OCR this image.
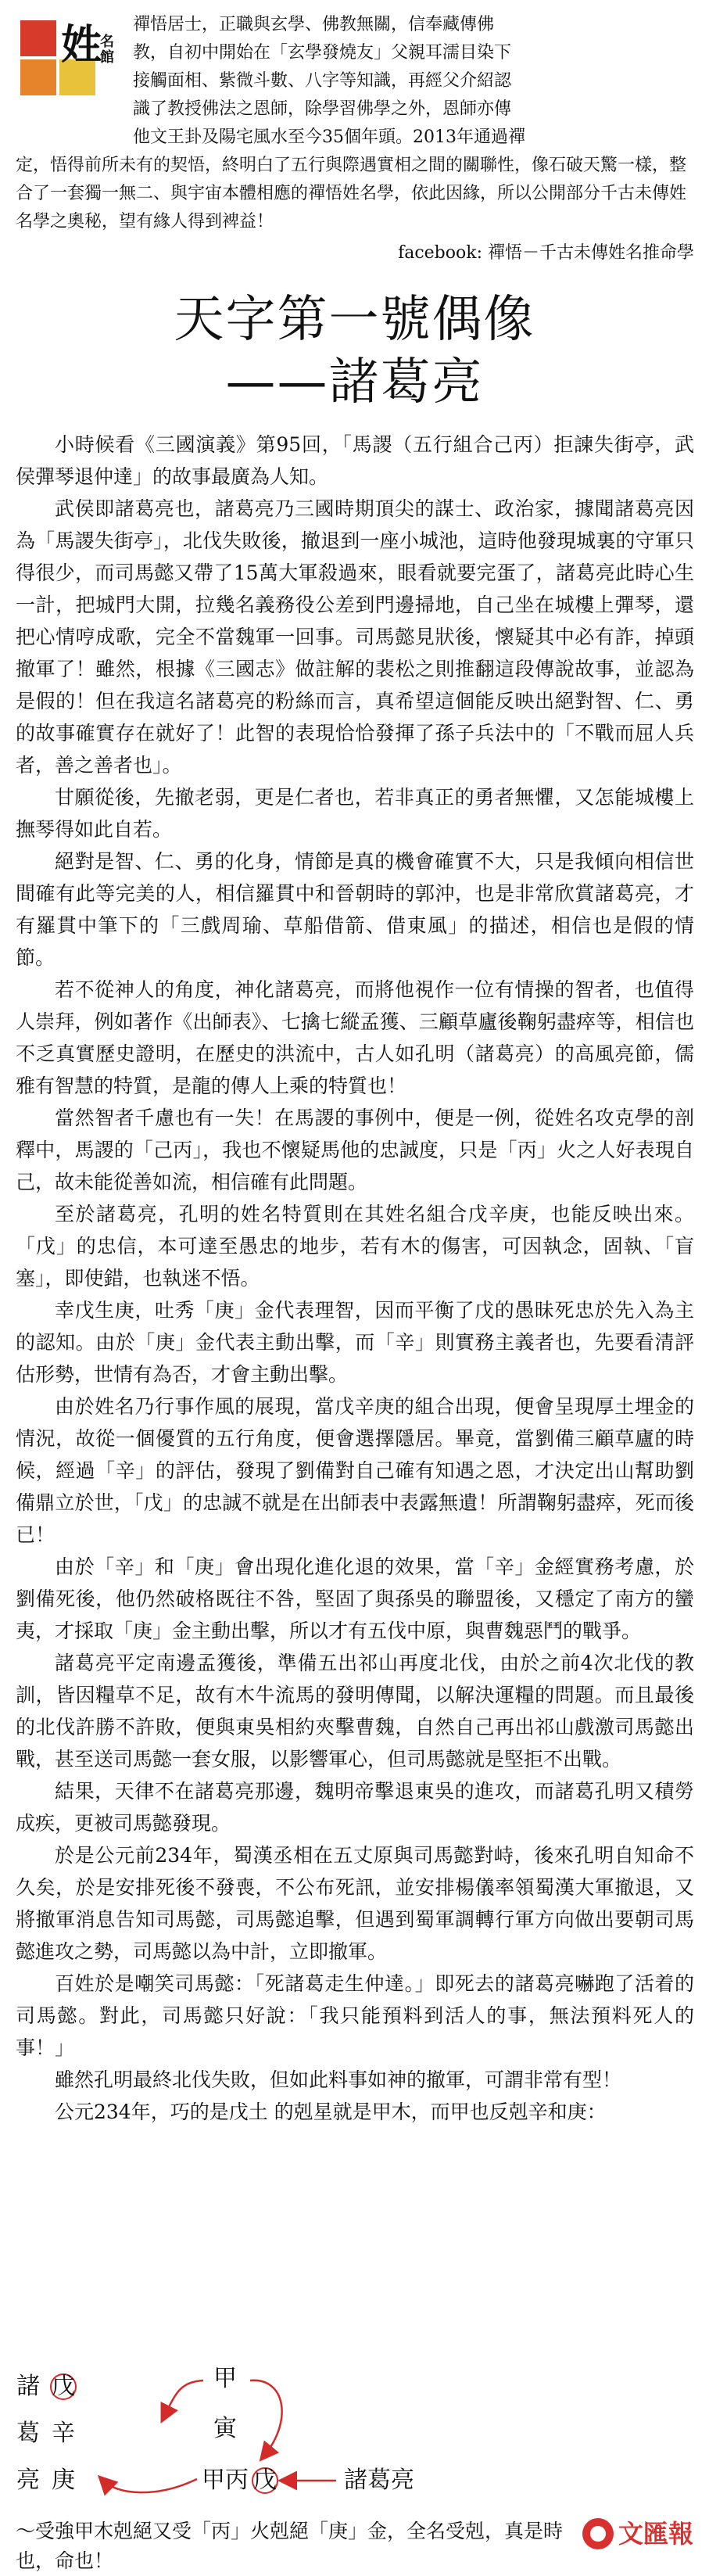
姓
名館
禪悟居士，正職與玄學、佛教無關，信奉藏傳佛
教，自初中開始在「玄學發燒友」父親耳濡目染下
接觸面相、紫微斗數、八字等知識，再經父介紹認
識了教授佛法之恩師，除學習佛學之外，恩師亦傳
他文王卦及陽宅風水至今35個年頭。2013年通過禪
定，悟得前所未有的契悟，終明白了五行與際遇實相之間的關聯性，像石破天驚一樣，整合了一套獨一無二、與宇宙本體相應的禪悟姓名學，依此因緣，所以公開部分千古未傳姓名學之奧秘，望有緣人得到裨益！
facebook: 禪悟－千古未傳姓名推命學
天字第一號偶像
——諸葛亮

小時候看《三國演義》第95回，「馬謖（五行組合己丙）拒諫失街亭，武侯彈琴退仲達」的故事最廣為人知。

武侯即諸葛亮也，諸葛亮乃三國時期頂尖的謀士、政治家，據聞諸葛亮因為「馬謖失街亭」，北伐失敗後，撤退到一座小城池，這時他發現城裏的守軍只得很少，而司馬懿又帶了15萬大軍殺過來，眼看就要完蛋了，諸葛亮此時心生一計，把城門大開，拉幾名義務役公差到門邊掃地，自己坐在城樓上彈琴，還把心情哼成歌，完全不當魏軍一回事。司馬懿見狀後，懷疑其中必有詐，掉頭撤軍了！雖然，根據《三國志》做註解的裴松之則推翻這段傳說故事，並認為是假的！但在我這名諸葛亮的粉絲而言，真希望這個能反映出絕對智、仁、勇的故事確實存在就好了！此智的表現恰恰發揮了孫子兵法中的「不戰而屈人兵者，善之善者也」。

甘願從後，先撤老弱，更是仁者也，若非真正的勇者無懼，又怎能城樓上撫琴得如此自若。

絕對是智、仁、勇的化身，情節是真的機會確實不大，只是我傾向相信世間確有此等完美的人，相信羅貫中和晉朝時的郭沖，也是非常欣賞諸葛亮，才有羅貫中筆下的「三戲周瑜、草船借箭、借東風」的描述，相信也是假的情節。

若不從神人的角度，神化諸葛亮，而將他視作一位有情操的智者，也值得人崇拜，例如著作《出師表》、七擒七縱孟獲、三顧草廬後鞠躬盡瘁等，相信也不乏真實歷史證明，在歷史的洪流中，古人如孔明（諸葛亮）的高風亮節，儒雅有智慧的特質，是龍的傳人上乘的特質也！

當然智者千慮也有一失！在馬謖的事例中，便是一例，從姓名攻克學的剖釋中，馬謖的「己丙」，我也不懷疑馬他的忠誠度，只是「丙」火之人好表現自己，故未能從善如流，相信確有此問題。

至於諸葛亮，孔明的姓名特質則在其姓名組合戊辛庚，也能反映出來。「戊」的忠信，本可達至愚忠的地步，若有木的傷害，可因執念，固執、「盲塞」，即使錯，也執迷不悟。

幸戊生庚，吐秀「庚」金代表理智，因而平衡了戊的愚昧死忠於先入為主的認知。由於「庚」金代表主動出擊，而「辛」則實務主義者也，先要看清評估形勢，世情有為否，才會主動出擊。

由於姓名乃行事作風的展現，當戊辛庚的組合出現，便會呈現厚土埋金的情況，故從一個優質的五行角度，便會選擇隱居。畢竟，當劉備三顧草廬的時候，經過「辛」的評估，發現了劉備對自己確有知遇之恩，才決定出山幫助劉備鼎立於世，「戊」的忠誠不就是在出師表中表露無遺！所謂鞠躬盡瘁，死而後已！

由於「辛」和「庚」會出現化進化退的效果，當「辛」金經實務考慮，於劉備死後，他仍然破格既往不咎，堅固了與孫吳的聯盟後，又穩定了南方的蠻夷，才採取「庚」金主動出擊，所以才有五伐中原，與曹魏惡鬥的戰爭。

諸葛亮平定南邊孟獲後，準備五出祁山再度北伐，由於之前4次北伐的教訓，皆因糧草不足，故有木牛流馬的發明傳聞，以解決運糧的問題。而且最後的北伐許勝不許敗，便與東吳相約夾擊曹魏，自然自己再出祁山戲激司馬懿出戰，甚至送司馬懿一套女服，以影響軍心，但司馬懿就是堅拒不出戰。

結果，天律不在諸葛亮那邊，魏明帝擊退東吳的進攻，而諸葛孔明又積勞成疾，更被司馬懿發現。

於是公元前234年，蜀漢丞相在五丈原與司馬懿對峙，後來孔明自知命不久矣，於是安排死後不發喪，不公布死訊，並安排楊儀率領蜀漢大軍撤退，又將撤軍消息告知司馬懿，司馬懿追擊，但遇到蜀軍調轉行軍方向做出要朝司馬懿進攻之勢，司馬懿以為中計，立即撤軍。

百姓於是嘲笑司馬懿：「死諸葛走生仲達。」即死去的諸葛亮嚇跑了活着的司馬懿。對此，司馬懿只好說：「我只能預料到活人的事，無法預料死人的事！」

雖然孔明最終北伐失敗，但如此料事如神的撤軍，可謂非常有型！

公元234年，巧的是戊土 的剋星就是甲木，而甲也反剋辛和庚：

諸
葛
亮
戊
辛
庚
甲
寅
甲丙 戊	諸葛亮
～受強甲木剋絕又受「丙」火剋絕「庚」金，全名受剋，真是時也，命也！
文匯報
